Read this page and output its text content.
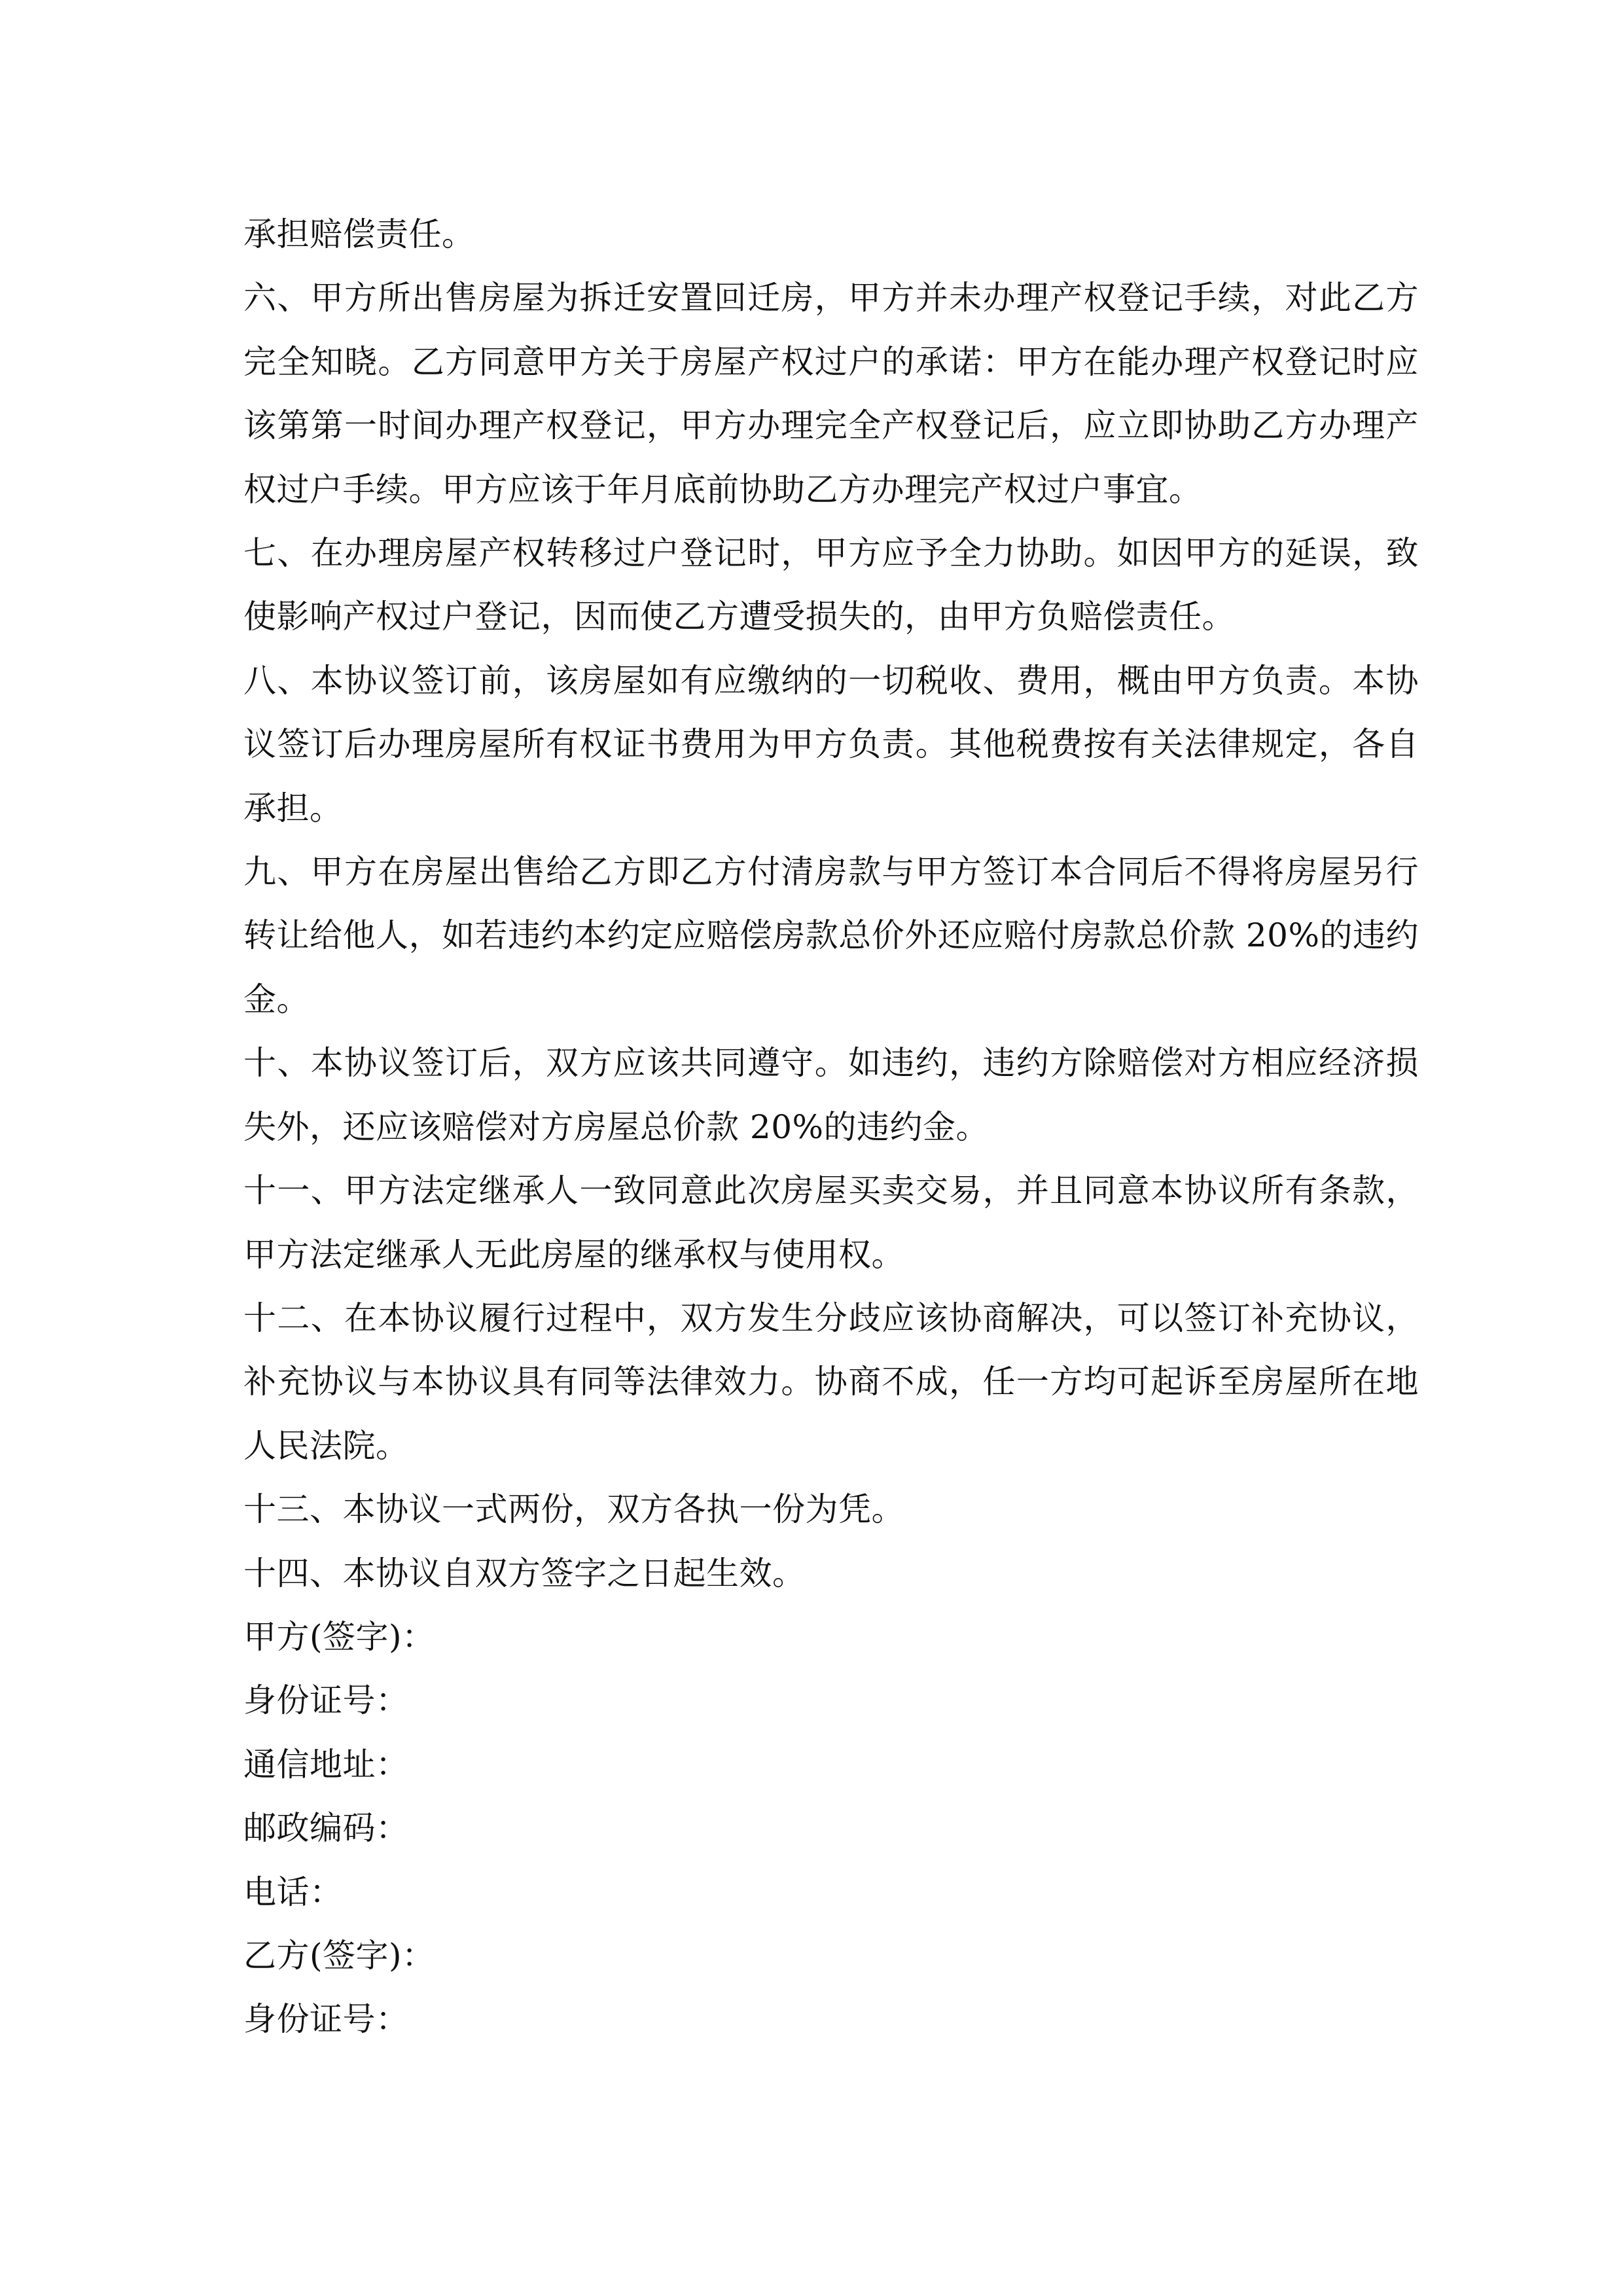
承担赔偿责任。

六、甲方所出售房屋为拆迁安置回迁房，甲方并未办理产权登记手续，对此乙方完全知晓。乙方同意甲方关于房屋产权过户的承诺：甲方在能办理产权登记时应该第第一时间办理产权登记，甲方办理完全产权登记后，应立即协助乙方办理产权过户手续。甲方应该于年月底前协助乙方办理完产权过户事宜。

七、在办理房屋产权转移过户登记时，甲方应予全力协助。如因甲方的延误，致使影响产权过户登记，因而使乙方遭受损失的，由甲方负赔偿责任。

八、本协议签订前，该房屋如有应缴纳的一切税收、费用，概由甲方负责。本协议签订后办理房屋所有权证书费用为甲方负责。其他税费按有关法律规定，各自承担。

九、甲方在房屋出售给乙方即乙方付清房款与甲方签订本合同后不得将房屋另行转让给他人，如若违约本约定应赔偿房款总价外还应赔付房款总价款 20%的违约金。

十、本协议签订后，双方应该共同遵守。如违约，违约方除赔偿对方相应经济损失外，还应该赔偿对方房屋总价款 20%的违约金。

十一、甲方法定继承人一致同意此次房屋买卖交易，并且同意本协议所有条款，甲方法定继承人无此房屋的继承权与使用权。

十二、在本协议履行过程中，双方发生分歧应该协商解决，可以签订补充协议，补充协议与本协议具有同等法律效力。协商不成，任一方均可起诉至房屋所在地人民法院。

十三、本协议一式两份，双方各执一份为凭。

十四、本协议自双方签字之日起生效。

甲方(签字)：

身份证号：

通信地址：

邮政编码：

电话：

乙方(签字)：

身份证号：
